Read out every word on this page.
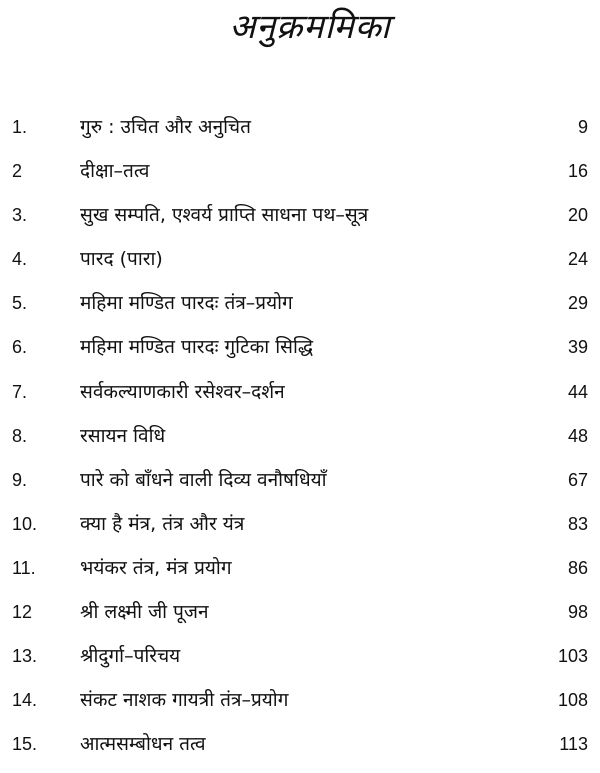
अनुक्रममिका
1.	गुरु : उचित और अनुचित	9
2	दीक्षा–तत्व	16
3.	सुख सम्पति, एश्वर्य प्राप्ति साधना पथ–सूत्र	20
4.	पारद (पारा)	24
5.	महिमा मण्डित पारदः तंत्र–प्रयोग	29
6.	महिमा मण्डित पारदः गुटिका सिद्धि	39
7.	सर्वकल्याणकारी रसेश्वर–दर्शन	44
8.	रसायन विधि	48
9.	पारे को बाँधने वाली दिव्य वनौषधियाँ	67
10. क्या है मंत्र, तंत्र और यंत्र	83
11. भयंकर तंत्र, मंत्र प्रयोग	86
12	श्री लक्ष्मी जी पूजन	98
13. श्रीदुर्गा–परिचय	103
14. संकट नाशक गायत्री तंत्र–प्रयोग	108
15. आत्मसम्बोधन तत्व	113
